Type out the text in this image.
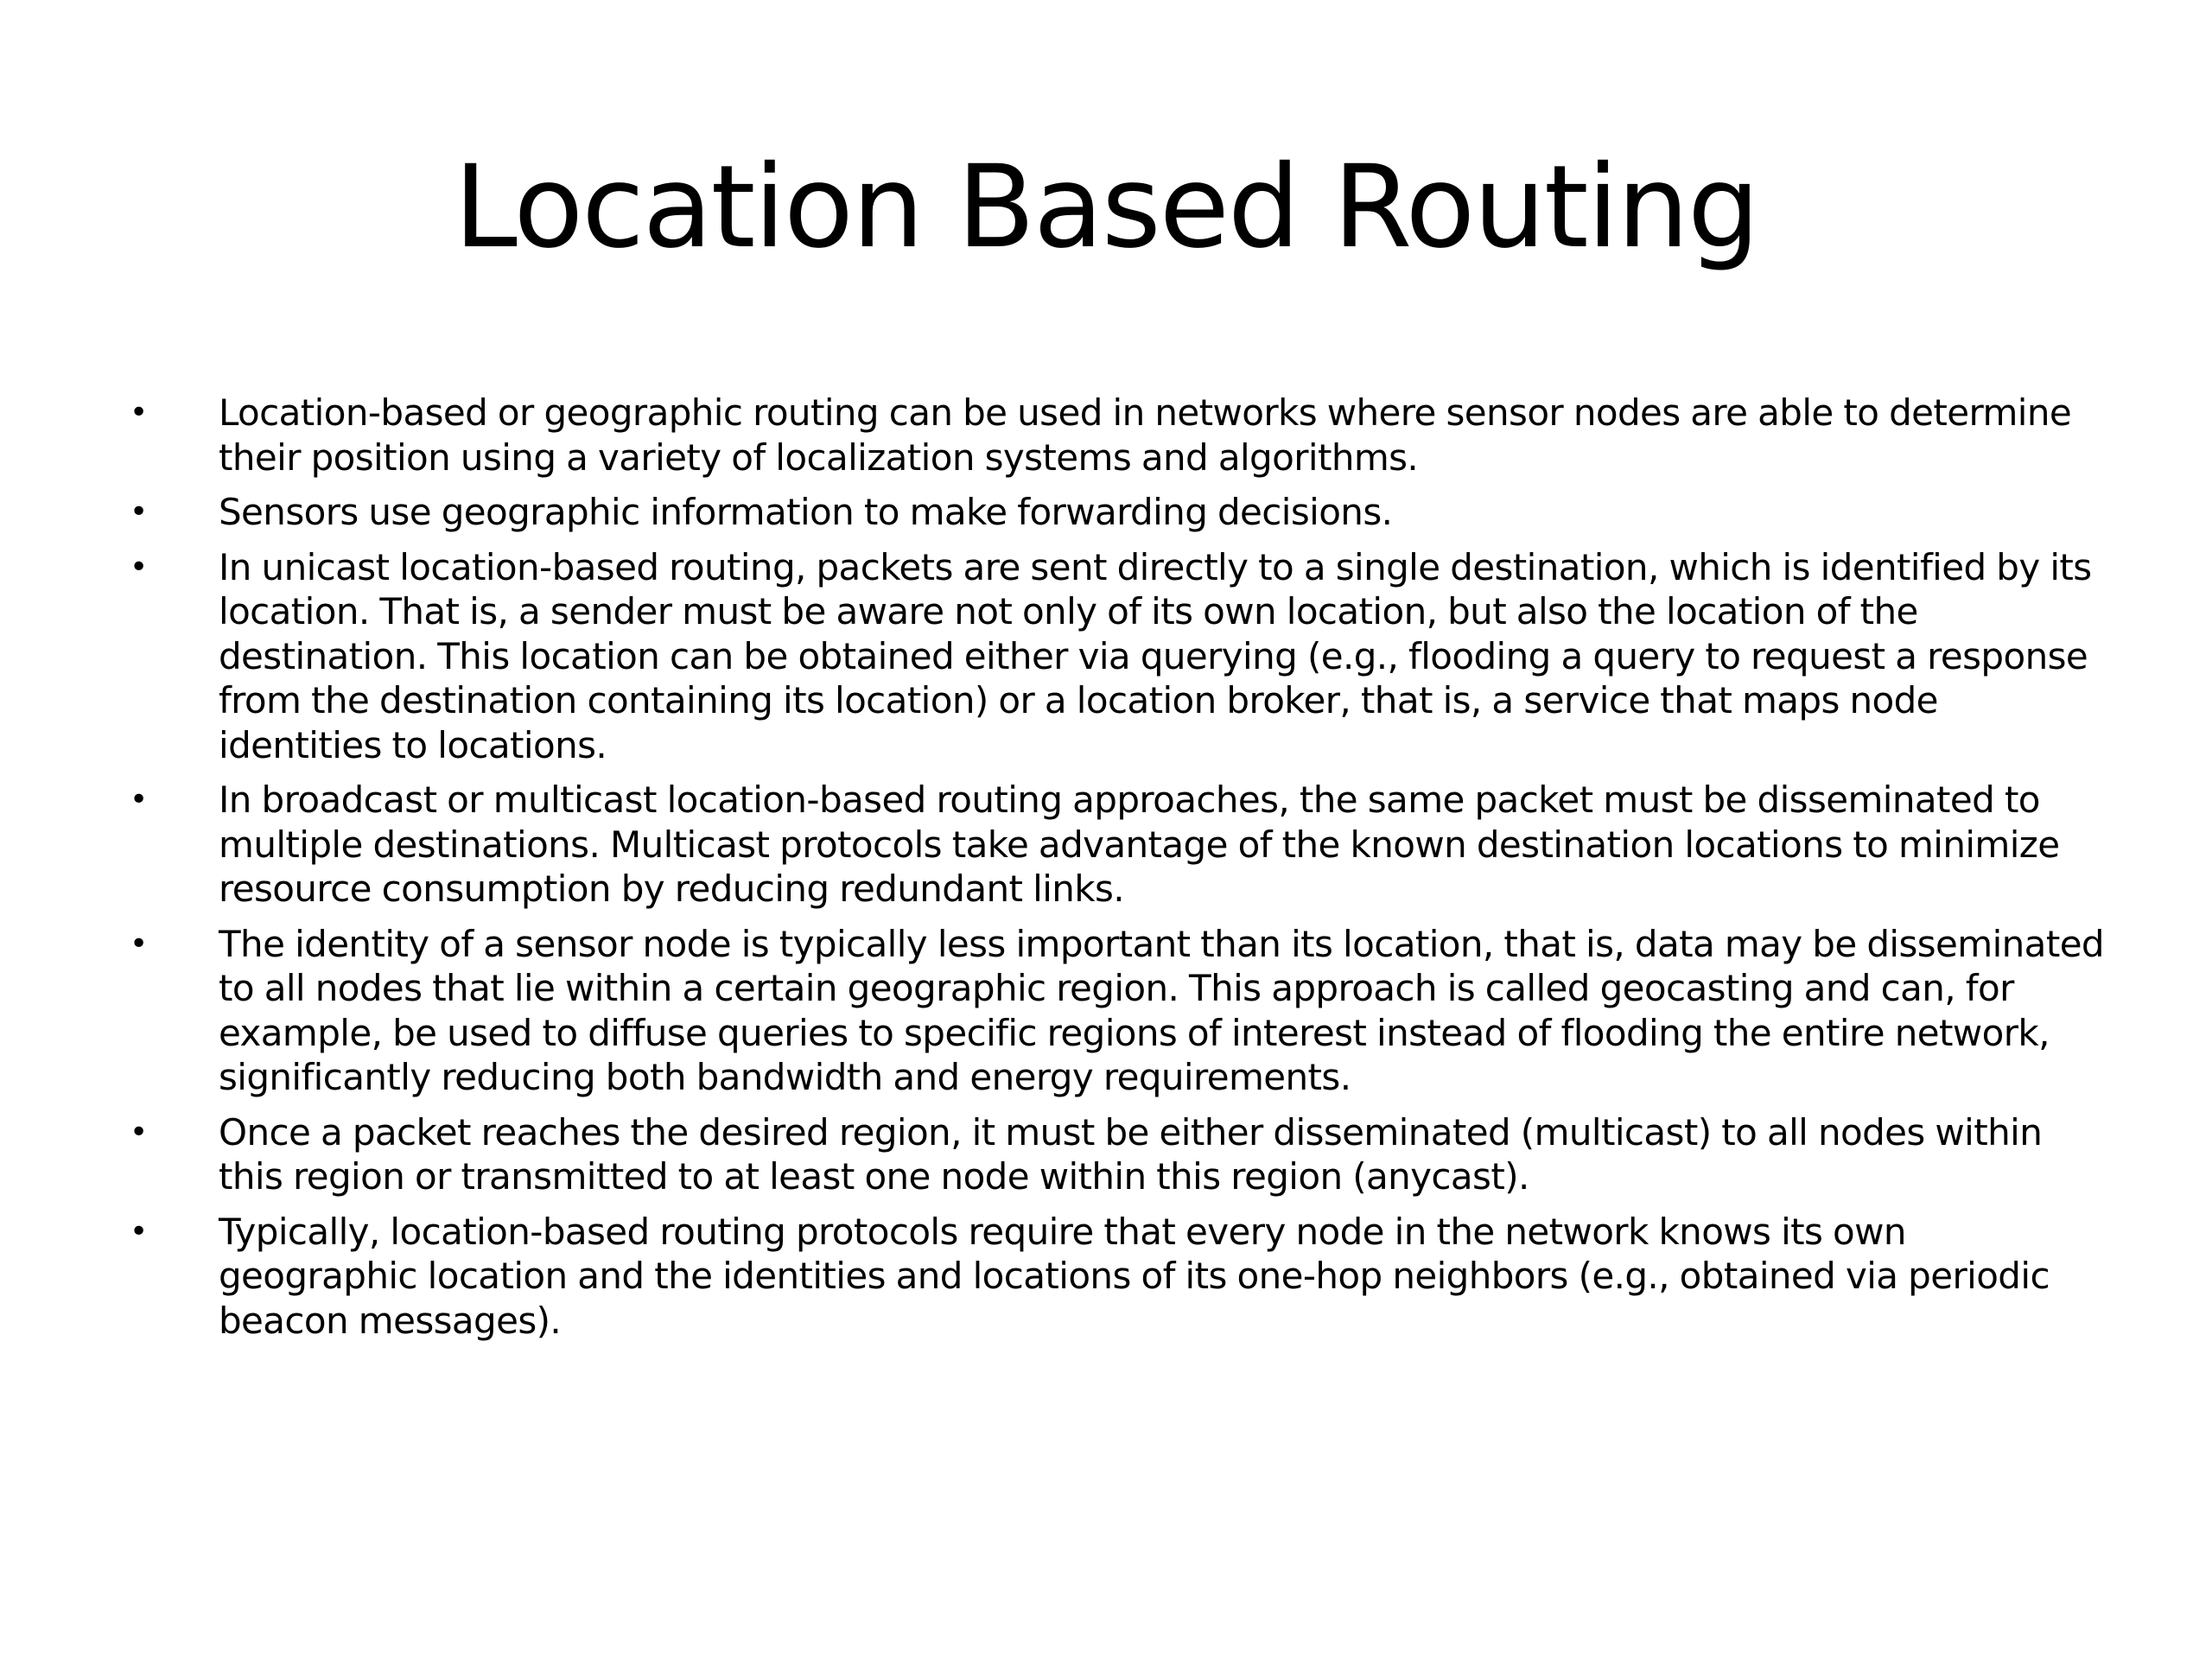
Location Based Routing
• Location-based or geographic routing can be used in networks where sensor nodes are able to determine their position using a variety of localization systems and algorithms.
• Sensors use geographic information to make forwarding decisions.
• In unicast location-based routing, packets are sent directly to a single destination, which is identified by its location. That is, a sender must be aware not only of its own location, but also the location of the destination. This location can be obtained either via querying (e.g., flooding a query to request a response from the destination containing its location) or a location broker, that is, a service that maps node identities to locations.
• In broadcast or multicast location-based routing approaches, the same packet must be disseminated to multiple destinations. Multicast protocols take advantage of the known destination locations to minimize resource consumption by reducing redundant links.
• The identity of a sensor node is typically less important than its location, that is, data may be disseminated to all nodes that lie within a certain geographic region. This approach is called geocasting and can, for example, be used to diffuse queries to specific regions of interest instead of flooding the entire network, significantly reducing both bandwidth and energy requirements.
• Once a packet reaches the desired region, it must be either disseminated (multicast) to all nodes within this region or transmitted to at least one node within this region (anycast).
• Typically, location-based routing protocols require that every node in the network knows its own geographic location and the identities and locations of its one-hop neighbors (e.g., obtained via periodic beacon messages).
